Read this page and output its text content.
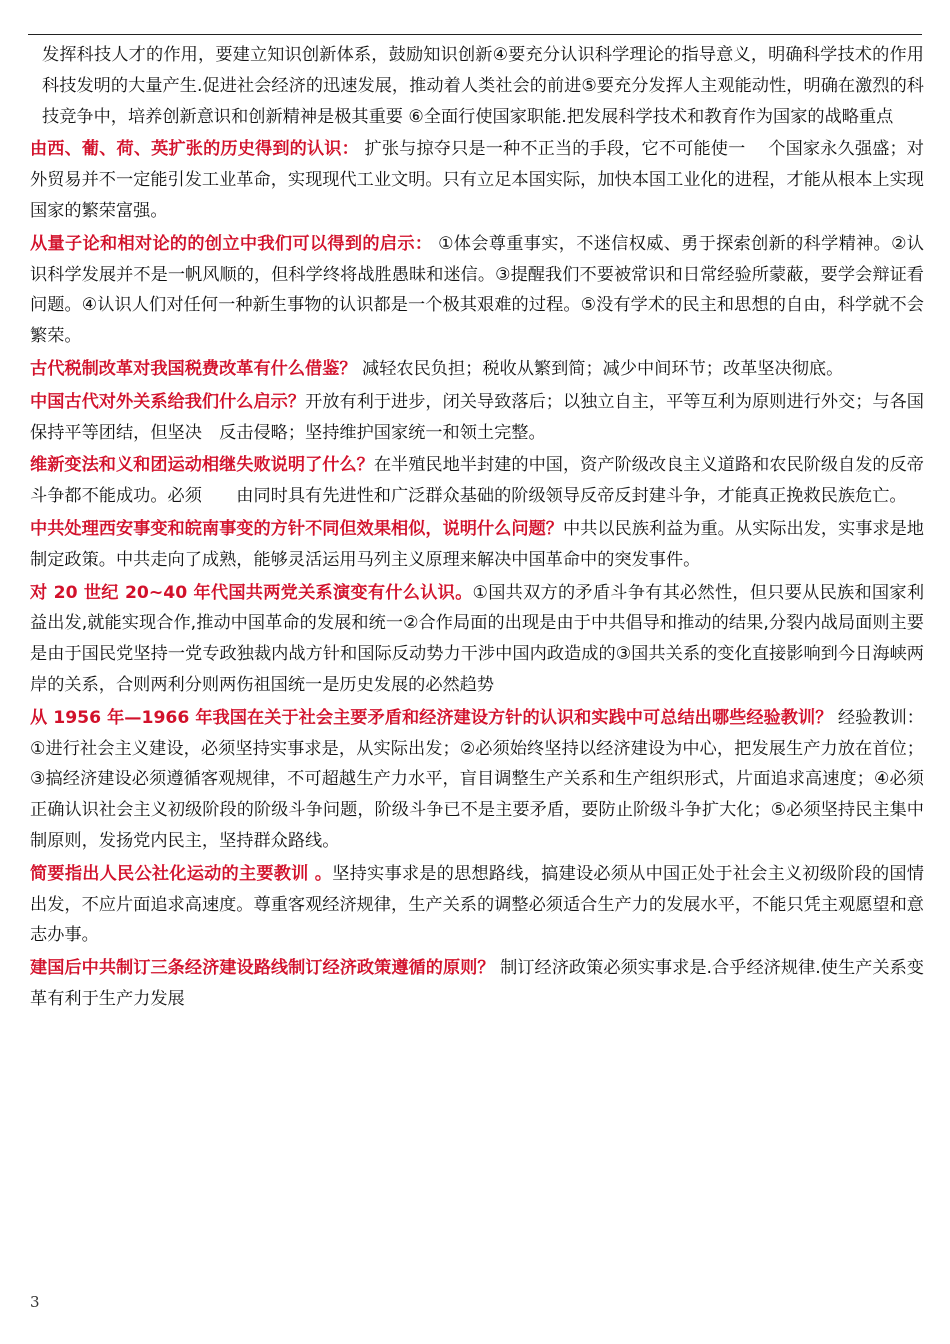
发挥科技人才的作用，要建立知识创新体系，鼓励知识创新④要充分认识科学理论的指导意义，明确科学技术的作用科技发明的大量产生.促进社会经济的迅速发展，推动着人类社会的前进⑤要充分发挥人主观能动性，明确在激烈的科技竞争中，培养创新意识和创新精神是极其重要 ⑥全面行使国家职能.把发展科学技术和教育作为国家的战略重点

由西、葡、荷、英扩张的历史得到的认识： 扩张与掠夺只是一种不正当的手段，它不可能使一　 个国家永久强盛；对外贸易并不一定能引发工业革命，实现现代工业文明。只有立足本国实际，加快本国工业化的进程，才能从根本上实现国家的繁荣富强。

从量子论和相对论的的创立中我们可以得到的启示： ①体会尊重事实，不迷信权威、勇于探索创新的科学精神。②认识科学发展并不是一帆风顺的，但科学终将战胜愚昧和迷信。③提醒我们不要被常识和日常经验所蒙蔽，要学会辩证看问题。④认识人们对任何一种新生事物的认识都是一个极其艰难的过程。⑤没有学术的民主和思想的自由，科学就不会繁荣。

古代税制改革对我国税费改革有什么借鉴？ 减轻农民负担；税收从繁到简；减少中间环节；改革坚决彻底。

中国古代对外关系给我们什么启示？开放有利于进步，闭关导致落后；以独立自主，平等互利为原则进行外交；与各国保持平等团结，但坚决　反击侵略；坚持维护国家统一和领土完整。

维新变法和义和团运动相继失败说明了什么？在半殖民地半封建的中国，资产阶级改良主义道路和农民阶级自发的反帝斗争都不能成功。必须　　由同时具有先进性和广泛群众基础的阶级领导反帝反封建斗争，才能真正挽救民族危亡。

中共处理西安事变和皖南事变的方针不同但效果相似，说明什么问题？中共以民族利益为重。从实际出发，实事求是地制定政策。中共走向了成熟，能够灵活运用马列主义原理来解决中国革命中的突发事件。

对 20 世纪 20~40 年代国共两党关系演变有什么认识。①国共双方的矛盾斗争有其必然性，但只要从民族和国家利益出发,就能实现合作,推动中国革命的发展和统一②合作局面的出现是由于中共倡导和推动的结果,分裂内战局面则主要是由于国民党坚持一党专政独裁内战方针和国际反动势力干涉中国内政造成的③国共关系的变化直接影响到今日海峡两岸的关系，合则两利分则两伤祖国统一是历史发展的必然趋势

从 1956 年—1966 年我国在关于社会主要矛盾和经济建设方针的认识和实践中可总结出哪些经验教训？ 经验教训：①进行社会主义建设，必须坚持实事求是，从实际出发；②必须始终坚持以经济建设为中心，把发展生产力放在首位；③搞经济建设必须遵循客观规律，不可超越生产力水平，盲目调整生产关系和生产组织形式，片面追求高速度；④必须正确认识社会主义初级阶段的阶级斗争问题，阶级斗争已不是主要矛盾，要防止阶级斗争扩大化；⑤必须坚持民主集中制原则，发扬党内民主，坚持群众路线。

简要指出人民公社化运动的主要教训 。坚持实事求是的思想路线，搞建设必须从中国正处于社会主义初级阶段的国情出发，不应片面追求高速度。尊重客观经济规律，生产关系的调整必须适合生产力的发展水平，不能只凭主观愿望和意志办事。

建国后中共制订三条经济建设路线制订经济政策遵循的原则？ 制订经济政策必须实事求是.合乎经济规律.使生产关系变革有利于生产力发展

3
